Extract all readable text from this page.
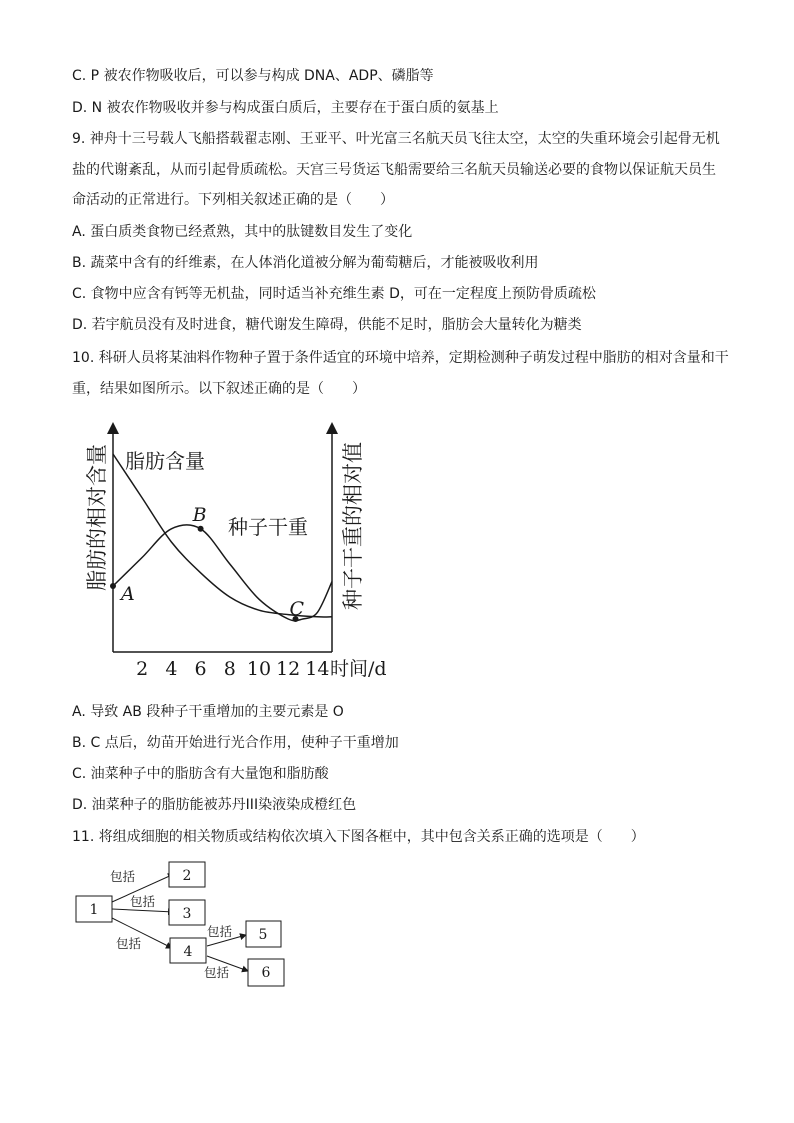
C. P 被农作物吸收后，可以参与构成 DNA、ADP、磷脂等
D. N 被农作物吸收并参与构成蛋白质后，主要存在于蛋白质的氨基上
9. 神舟十三号载人飞船搭载翟志刚、王亚平、叶光富三名航天员飞往太空，太空的失重环境会引起骨无机
盐的代谢紊乱，从而引起骨质疏松。天宫三号货运飞船需要给三名航天员输送必要的食物以保证航天员生
命活动的正常进行。下列相关叙述正确的是（　　）
A. 蛋白质类食物已经煮熟，其中的肽键数目发生了变化
B. 蔬菜中含有的纤维素，在人体消化道被分解为葡萄糖后，才能被吸收利用
C. 食物中应含有钙等无机盐，同时适当补充维生素 D，可在一定程度上预防骨质疏松
D. 若宇航员没有及时进食，糖代谢发生障碍，供能不足时，脂肪会大量转化为糖类
10. 科研人员将某油料作物种子置于条件适宜的环境中培养，定期检测种子萌发过程中脂肪的相对含量和干
重，结果如图所示。以下叙述正确的是（　　）
A. 导致 AB 段种子干重增加的主要元素是 O
B. C 点后，幼苗开始进行光合作用，使种子干重增加
C. 油菜种子中的脂肪含有大量饱和脂肪酸
D. 油菜种子的脂肪能被苏丹III染液染成橙红色
11. 将组成细胞的相关物质或结构依次填入下图各框中，其中包含关系正确的选项是（　　）
脂肪的相对含量	种子干重的相对值
时间/d
2 4 6 8 10 12 14
A
B
C
脂肪含量
种子干重
1
2
3
4
5
6
包括
包括
包括
包括
包括
